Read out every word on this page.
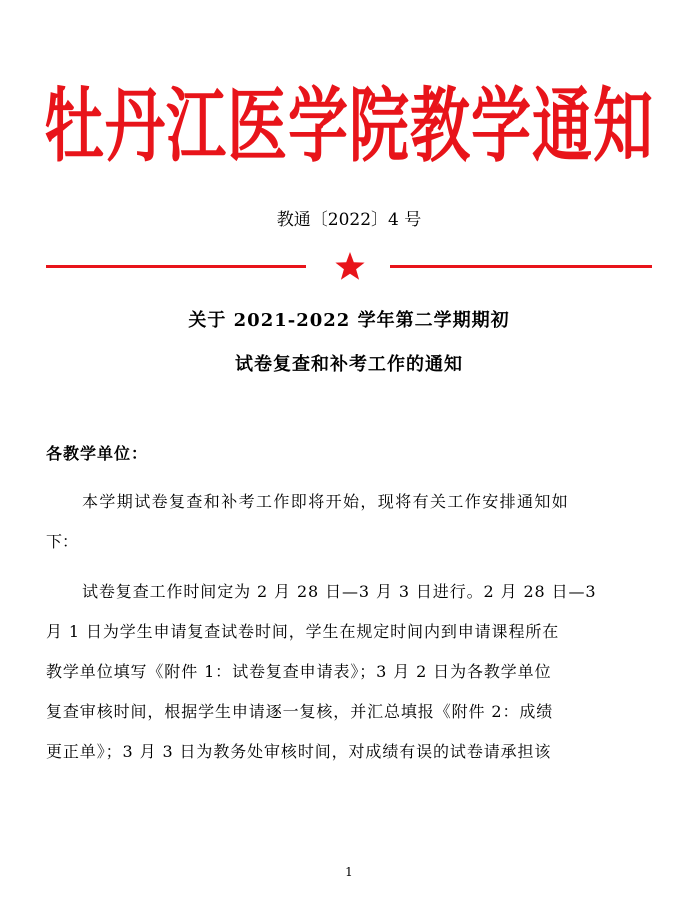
牡丹江医学院教学通知
教通〔2022〕4 号
关于 2021-2022 学年第二学期期初
试卷复查和补考工作的通知
各教学单位：
本学期试卷复查和补考工作即将开始，现将有关工作安排通知如
下：
试卷复查工作时间定为 2 月 28 日—3 月 3 日进行。2 月 28 日—3
月 1 日为学生申请复查试卷时间，学生在规定时间内到申请课程所在
教学单位填写《附件 1：试卷复查申请表》；3 月 2 日为各教学单位
复查审核时间，根据学生申请逐一复核，并汇总填报《附件 2：成绩
更正单》；3 月 3 日为教务处审核时间，对成绩有误的试卷请承担该
1
